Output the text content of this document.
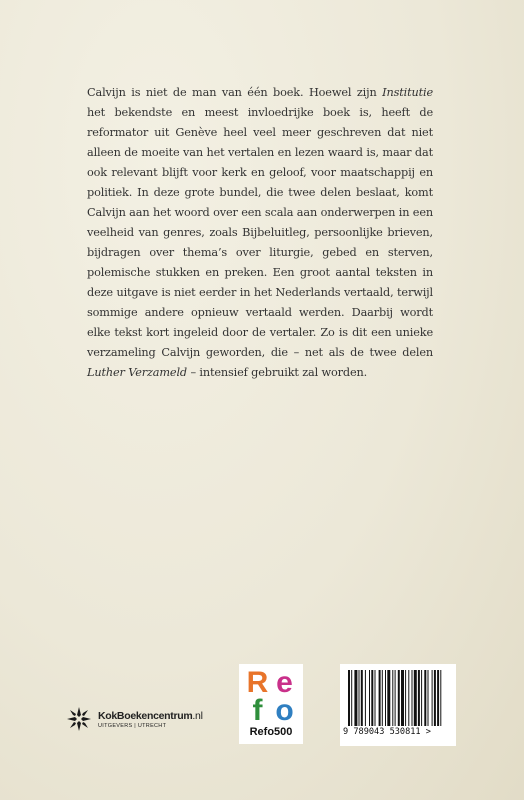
Calvijn is niet de man van één boek. Hoewel zijn Institutie het bekendste en meest invloedrijke boek is, heeft de reformator uit Genève heel veel meer geschreven dat niet alleen de moeite van het vertalen en lezen waard is, maar dat ook relevant blijft voor kerk en geloof, voor maatschappij en politiek. In deze grote bundel, die twee delen beslaat, komt Calvijn aan het woord over een scala aan onderwerpen in een veelheid van genres, zoals Bijbeluitleg, persoonlijke brieven, bijdragen over thema’s over liturgie, gebed en sterven, polemische stukken en preken. Een groot aantal teksten in deze uitgave is niet eerder in het Nederlands vertaald, terwijl sommige andere opnieuw vertaald werden. Daarbij wordt elke tekst kort ingeleid door de vertaler. Zo is dit een unieke verzameling Calvijn geworden, die – net als de twee delen Luther Verzameld – intensief gebruikt zal worden.

KokBoekencentrum.nl
UITGEVERS | UTRECHT
R e
f o
Refo500	9 789043 530811 >
